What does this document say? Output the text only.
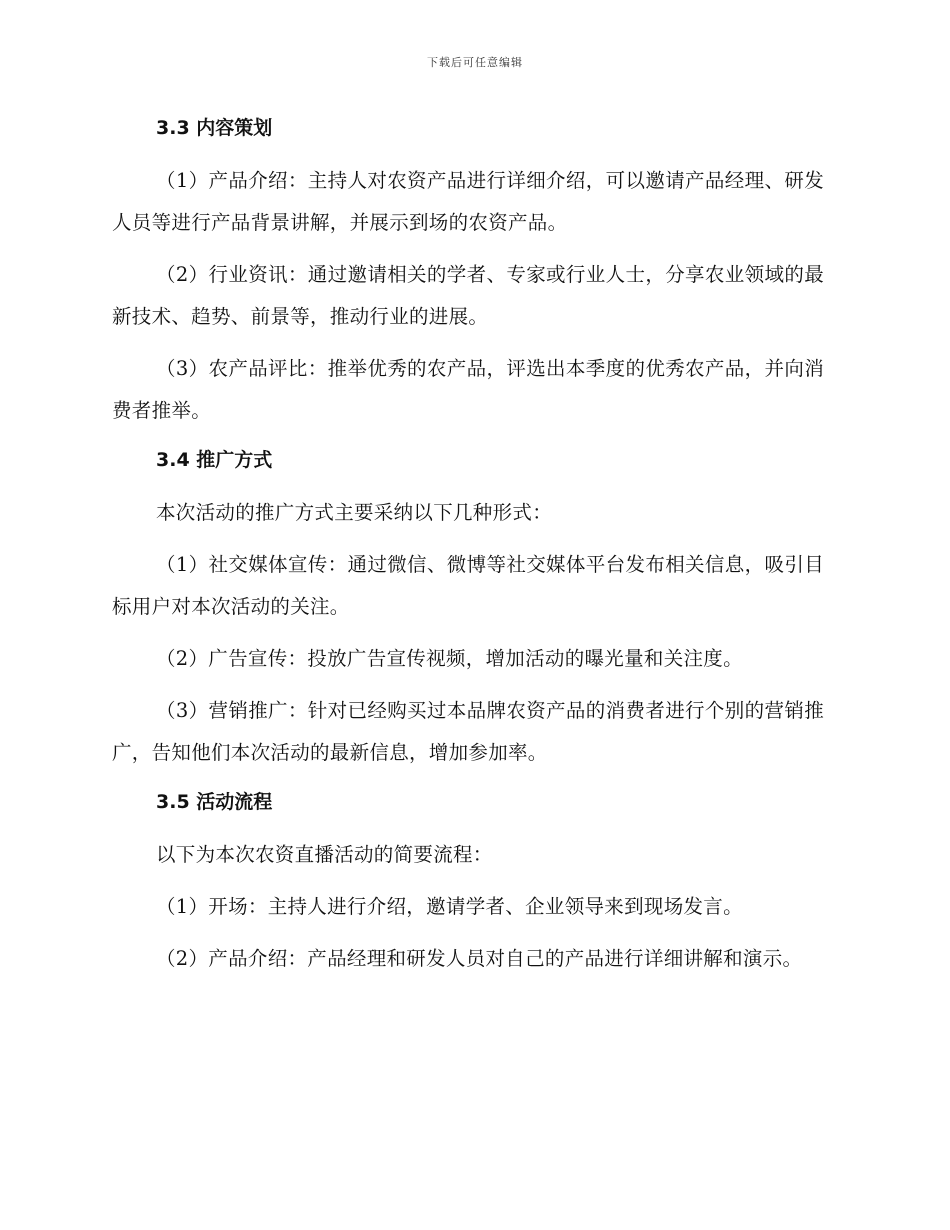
下载后可任意编辑
3.3 内容策划

（1）产品介绍：主持人对农资产品进行详细介绍，可以邀请产品经理、研发人员等进行产品背景讲解，并展示到场的农资产品。

（2）行业资讯：通过邀请相关的学者、专家或行业人士，分享农业领域的最新技术、趋势、前景等，推动行业的进展。

（3）农产品评比：推举优秀的农产品，评选出本季度的优秀农产品，并向消费者推举。

3.4 推广方式

本次活动的推广方式主要采纳以下几种形式：

（1）社交媒体宣传：通过微信、微博等社交媒体平台发布相关信息，吸引目标用户对本次活动的关注。

（2）广告宣传：投放广告宣传视频，增加活动的曝光量和关注度。

（3）营销推广：针对已经购买过本品牌农资产品的消费者进行个别的营销推广，告知他们本次活动的最新信息，增加参加率。

3.5 活动流程

以下为本次农资直播活动的简要流程：

（1）开场：主持人进行介绍，邀请学者、企业领导来到现场发言。

（2）产品介绍：产品经理和研发人员对自己的产品进行详细讲解和演示。
